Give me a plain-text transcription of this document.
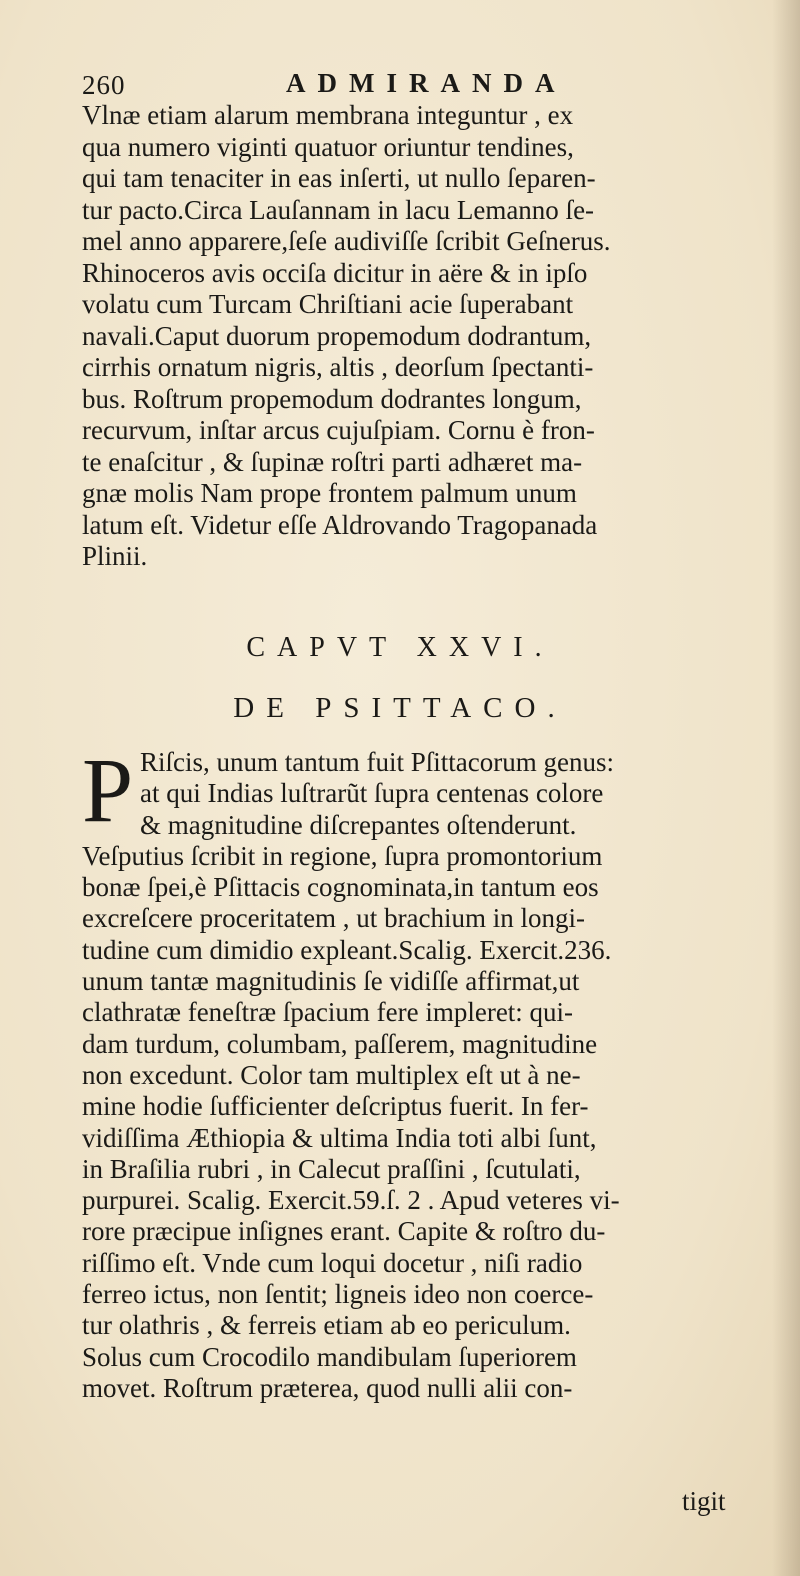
260	ADMIRANDA
Vlnæ etiam alarum membrana integuntur , ex
qua numero viginti quatuor oriuntur tendines,
qui tam tenaciter in eas inſerti, ut nullo ſeparen-
tur pacto.Circa Lauſannam in lacu Lemanno ſe-
mel anno apparere,ſeſe audiviſſe ſcribit Geſnerus.
Rhinoceros avis occiſa dicitur in aëre & in ipſo
volatu cum Turcam Chriſtiani acie ſuperabant
navali.Caput duorum propemodum dodrantum,
cirrhis ornatum nigris, altis , deorſum ſpectanti-
bus. Roſtrum propemodum dodrantes longum,
recurvum, inſtar arcus cujuſpiam. Cornu è fron-
te enaſcitur , & ſupinæ roſtri parti adhæret ma-
gnæ molis Nam prope frontem palmum unum
latum eſt. Videtur eſſe Aldrovando Tragopanada
Plinii.
CAPVT XXVI.
DE PSITTACO.
P Riſcis, unum tantum fuit Pſittacorum genus:
at qui Indias luſtrarũt ſupra centenas colore
& magnitudine diſcrepantes oſtenderunt.
Veſputius ſcribit in regione, ſupra promontorium
bonæ ſpei,è Pſittacis cognominata,in tantum eos
excreſcere proceritatem , ut brachium in longi-
tudine cum dimidio expleant.Scalig. Exercit.236.
unum tantæ magnitudinis ſe vidiſſe affirmat,ut
clathratæ feneſtræ ſpacium fere impleret: qui-
dam turdum, columbam, paſſerem, magnitudine
non excedunt. Color tam multiplex eſt ut à ne-
mine hodie ſufficienter deſcriptus fuerit. In fer-
vidiſſima Æthiopia & ultima India toti albi ſunt,
in Braſilia rubri , in Calecut praſſini , ſcutulati,
purpurei. Scalig. Exercit.59.ſ. 2 . Apud veteres vi-
rore præcipue inſignes erant. Capite & roſtro du-
riſſimo eſt. Vnde cum loqui docetur , niſi radio
ferreo ictus, non ſentit; ligneis ideo non coerce-
tur olathris , & ferreis etiam ab eo periculum.
Solus cum Crocodilo mandibulam ſuperiorem
movet. Roſtrum præterea, quod nulli alii con-
tigit
